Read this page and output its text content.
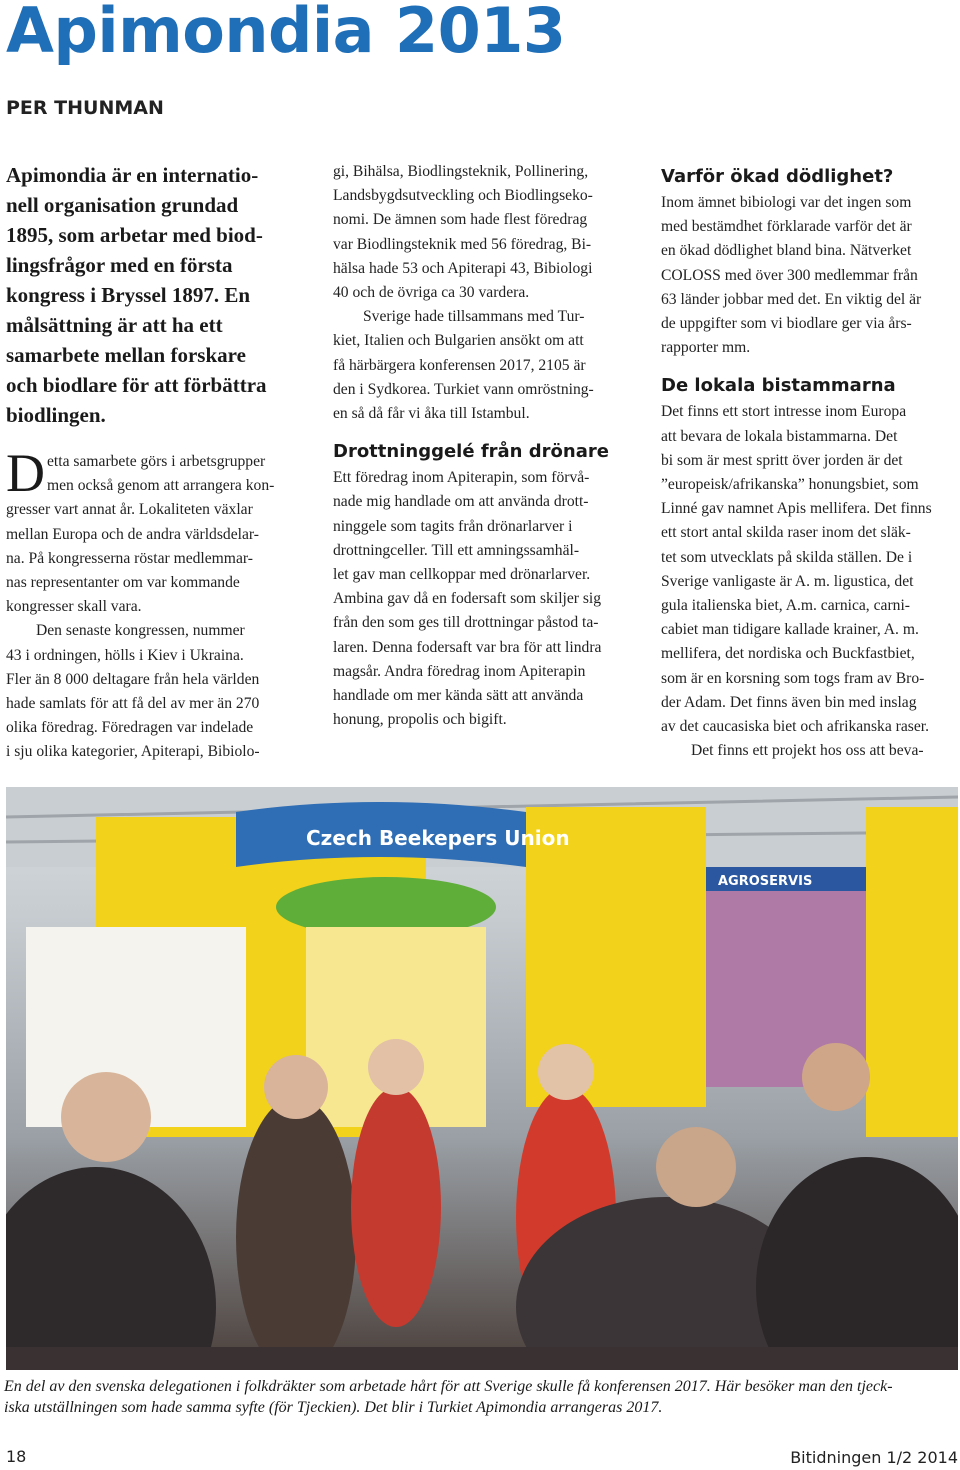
Apimondia 2013
PER THUNMAN
Apimondia är en internatio-
nell organisation grundad
1895, som arbetar med biod-
lingsfrågor med en första
kongress i Bryssel 1897. En
målsättning är att ha ett
samarbete mellan forskare
och biodlare för att förbättra
biodlingen.
Detta samarbete görs i arbetsgrupper
men också genom att arrangera kon-
gresser vart annat år. Lokaliteten växlar
mellan Europa och de andra världsdelar-
na. På kongresserna röstar medlemmar-
nas representanter om var kommande
kongresser skall vara.
Den senaste kongressen, nummer
43 i ordningen, hölls i Kiev i Ukraina.
Fler än 8 000 deltagare från hela världen
hade samlats för att få del av mer än 270
olika föredrag. Föredragen var indelade
i sju olika kategorier, Apiterapi, Bibiolo-
gi, Bihälsa, Biodlingsteknik, Pollinering,
Landsbygdsutveckling och Biodlingseko-
nomi. De ämnen som hade flest föredrag
var Biodlingsteknik med 56 föredrag, Bi-
hälsa hade 53 och Apiterapi 43, Bibiologi
40 och de övriga ca 30 vardera.
Sverige hade tillsammans med Tur-
kiet, Italien och Bulgarien ansökt om att
få härbärgera konferensen 2017, 2105 är
den i Sydkorea. Turkiet vann omröstning-
en så då får vi åka till Istambul.
Drottninggelé från drönare
Ett föredrag inom Apiterapin, som förvå-
nade mig handlade om att använda drott-
ninggele som tagits från drönarlarver i
drottningceller. Till ett amningssamhäl-
let gav man cellkoppar med drönarlarver.
Ambina gav då en fodersaft som skiljer sig
från den som ges till drottningar påstod ta-
laren. Denna fodersaft var bra för att lindra
magsår. Andra föredrag inom Apiterapin
handlade om mer kända sätt att använda
honung, propolis och bigift.
Varför ökad dödlighet?
Inom ämnet bibiologi var det ingen som
med bestämdhet förklarade varför det är
en ökad dödlighet bland bina. Nätverket
COLOSS med över 300 medlemmar från
63 länder jobbar med det. En viktig del är
de uppgifter som vi biodlare ger via års-
rapporter mm.
De lokala bistammarna
Det finns ett stort intresse inom Europa
att bevara de lokala bistammarna. Det
bi som är mest spritt över jorden är det
”europeisk/afrikanska” honungsbiet, som
Linné gav namnet Apis mellifera. Det finns
ett stort antal skilda raser inom det släk-
tet som utvecklats på skilda ställen. De i
Sverige vanligaste är A. m. ligustica, det
gula italienska biet, A.m. carnica, carni-
cabiet man tidigare kallade krainer, A. m.
mellifera, det nordiska och Buckfastbiet,
som är en korsning som togs fram av Bro-
der Adam. Det finns även bin med inslag
av det caucasiska biet och afrikanska raser.
Det finns ett projekt hos oss att beva-
Czech Beekepers Union
AGROSERVIS
En del av den svenska delegationen i folkdräkter som arbetade hårt för att Sverige skulle få konferensen 2017. Här besöker man den tjeck-
iska utställningen som hade samma syfte (för Tjeckien). Det blir i Turkiet Apimondia arrangeras 2017.
18	Bitidningen 1/2 2014
